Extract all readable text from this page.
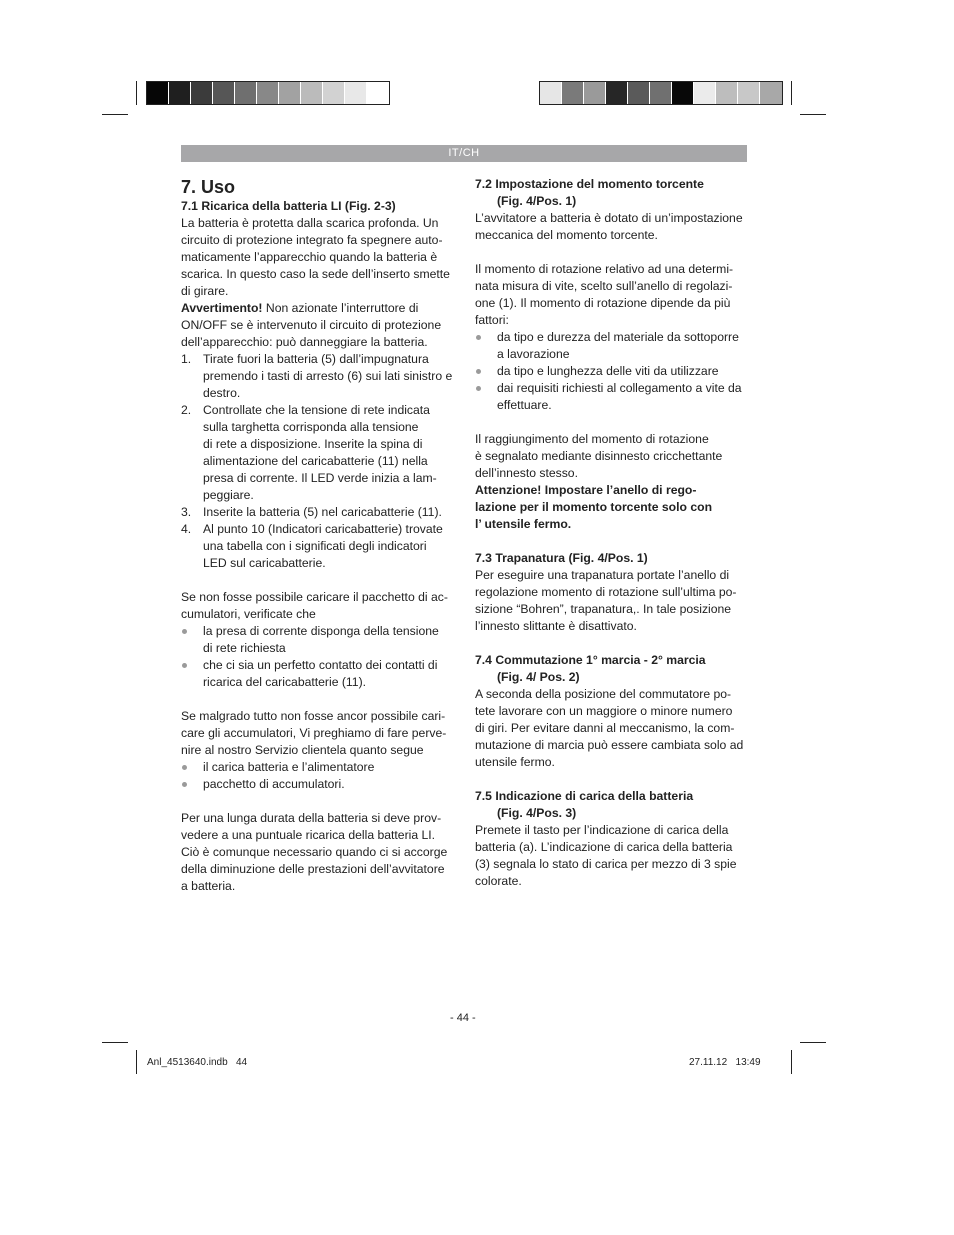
IT/CH

7. Uso

7.1 Ricarica della batteria LI (Fig. 2-3)

La batteria è protetta dalla scarica profonda. Un

circuito di protezione integrato fa spegnere auto-

maticamente l’apparecchio quando la batteria è

scarica. In questo caso la sede dell’inserto smette

di girare.

Avvertimento! Non azionate l’interruttore di

ON/OFF se è intervenuto il circuito di protezione

dell’apparecchio: può danneggiare la batteria.

1. Tirate fuori la batteria (5) dall’impugnatura

premendo i tasti di arresto (6) sui lati sinistro e

destro.

2. Controllate che la tensione di rete indicata

sulla targhetta corrisponda alla tensione

di rete a disposizione. Inserite la spina di

alimentazione del caricabatterie (11) nella

presa di corrente. Il LED verde inizia a lam-

peggiare.

3. Inserite la batteria (5) nel caricabatterie (11).

4. Al punto 10 (Indicatori caricabatterie) trovate

una tabella con i significati degli indicatori

LED sul caricabatterie.

Se non fosse possibile caricare il pacchetto di ac-

cumulatori, verificate che

la presa di corrente disponga della tensione

di rete richiesta

che ci sia un perfetto contatto dei contatti di

ricarica del caricabatterie (11).

Se malgrado tutto non fosse ancor possibile cari-

care gli accumulatori, Vi preghiamo di fare perve-

nire al nostro Servizio clientela quanto segue

il carica batteria e l’alimentatore

pacchetto di accumulatori.

Per una lunga durata della batteria si deve prov-

vedere a una puntuale ricarica della batteria LI.

Ciò è comunque necessario quando ci si accorge

della diminuzione delle prestazioni dell’avvitatore

a batteria.

7.2 Impostazione del momento torcente
(Fig. 4/Pos. 1)

L’avvitatore a batteria è dotato di un’impostazione

meccanica del momento torcente.

Il momento di rotazione relativo ad una determi-

nata misura di vite, scelto sull’anello di regolazi-

one (1). Il momento di rotazione dipende da più

fattori:

da tipo e durezza del materiale da sottoporre

a lavorazione

da tipo e lunghezza delle viti da utilizzare

dai requisiti richiesti al collegamento a vite da

effettuare.

Il raggiungimento del momento di rotazione

è segnalato mediante disinnesto cricchettante

dell’innesto stesso.

Attenzione! Impostare l’anello di rego-

lazione per il momento torcente solo con

l’ utensile fermo.

7.3 Trapanatura (Fig. 4/Pos. 1)

Per eseguire una trapanatura portate l’anello di

regolazione momento di rotazione sull’ultima po-

sizione “Bohren”, trapanatura,. In tale posizione

l’innesto slittante è disattivato.

7.4 Commutazione 1° marcia - 2° marcia
(Fig. 4/ Pos. 2)

A seconda della posizione del commutatore po-

tete lavorare con un maggiore o minore numero

di giri. Per evitare danni al meccanismo, la com-

mutazione di marcia può essere cambiata solo ad

utensile fermo.

7.5 Indicazione di carica della batteria
(Fig. 4/Pos. 3)

Premete il tasto per l’indicazione di carica della

batteria (a). L’indicazione di carica della batteria

(3) segnala lo stato di carica per mezzo di 3 spie

colorate.

- 44 -
Anl_4513640.indb   44	27.11.12   13:49
